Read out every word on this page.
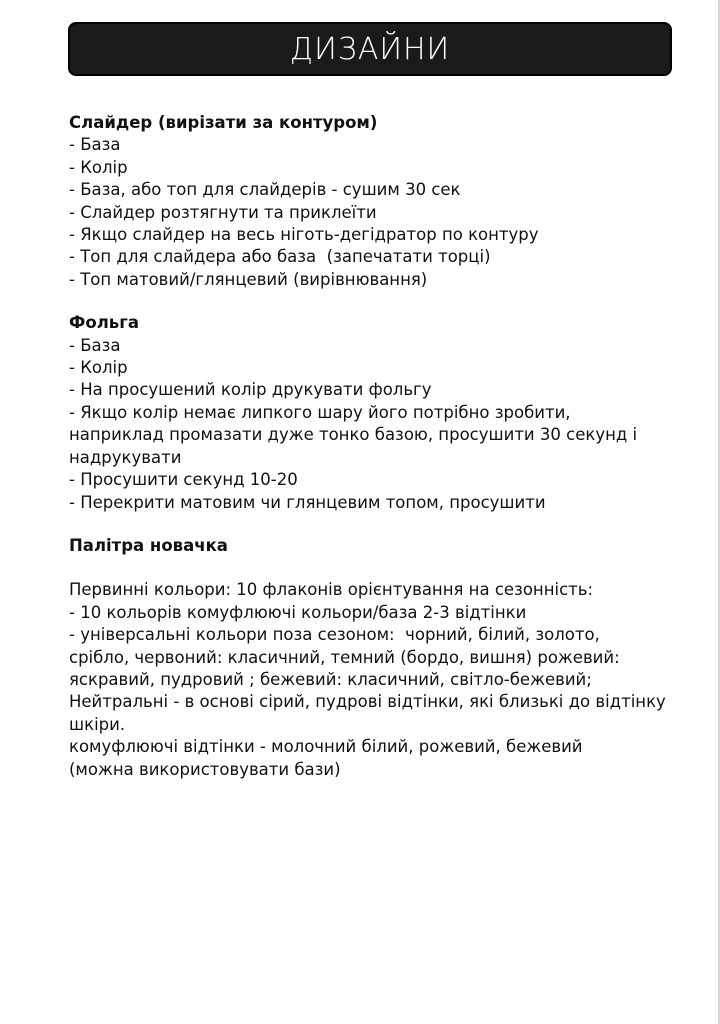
ДИЗАЙНИ
Слайдер (вирізати за контуром)
- База
- Колір
- База, або топ для слайдерів - сушим 30 сек
- Слайдер розтягнути та приклеїти
- Якщо слайдер на весь ніготь-дегідратор по контуру
- Топ для слайдера або база  (запечатати торці)
- Топ матовий/глянцевий (вирівнювання)
Фольга
- База
- Колір
- На просушений колір друкувати фольгу
- Якщо колір немає липкого шару його потрібно зробити,
наприклад промазати дуже тонко базою, просушити 30 секунд і
надрукувати
- Просушити секунд 10-20
- Перекрити матовим чи глянцевим топом, просушити
Палітра новачка
Первинні кольори: 10 флаконів орієнтування на сезонність:
- 10 кольорів комуфлюючі кольори/база 2-3 відтінки
- універсальні кольори поза сезоном:  чорний, білий, золото,
срібло, червоний: класичний, темний (бордо, вишня) рожевий:
яскравий, пудровий ; бежевий: класичний, світло-бежевий;
Нейтральні - в основі сірий, пудрові відтінки, які близькі до відтінку
шкіри.
комуфлюючі відтінки - молочний білий, рожевий, бежевий
(можна використовувати бази)
